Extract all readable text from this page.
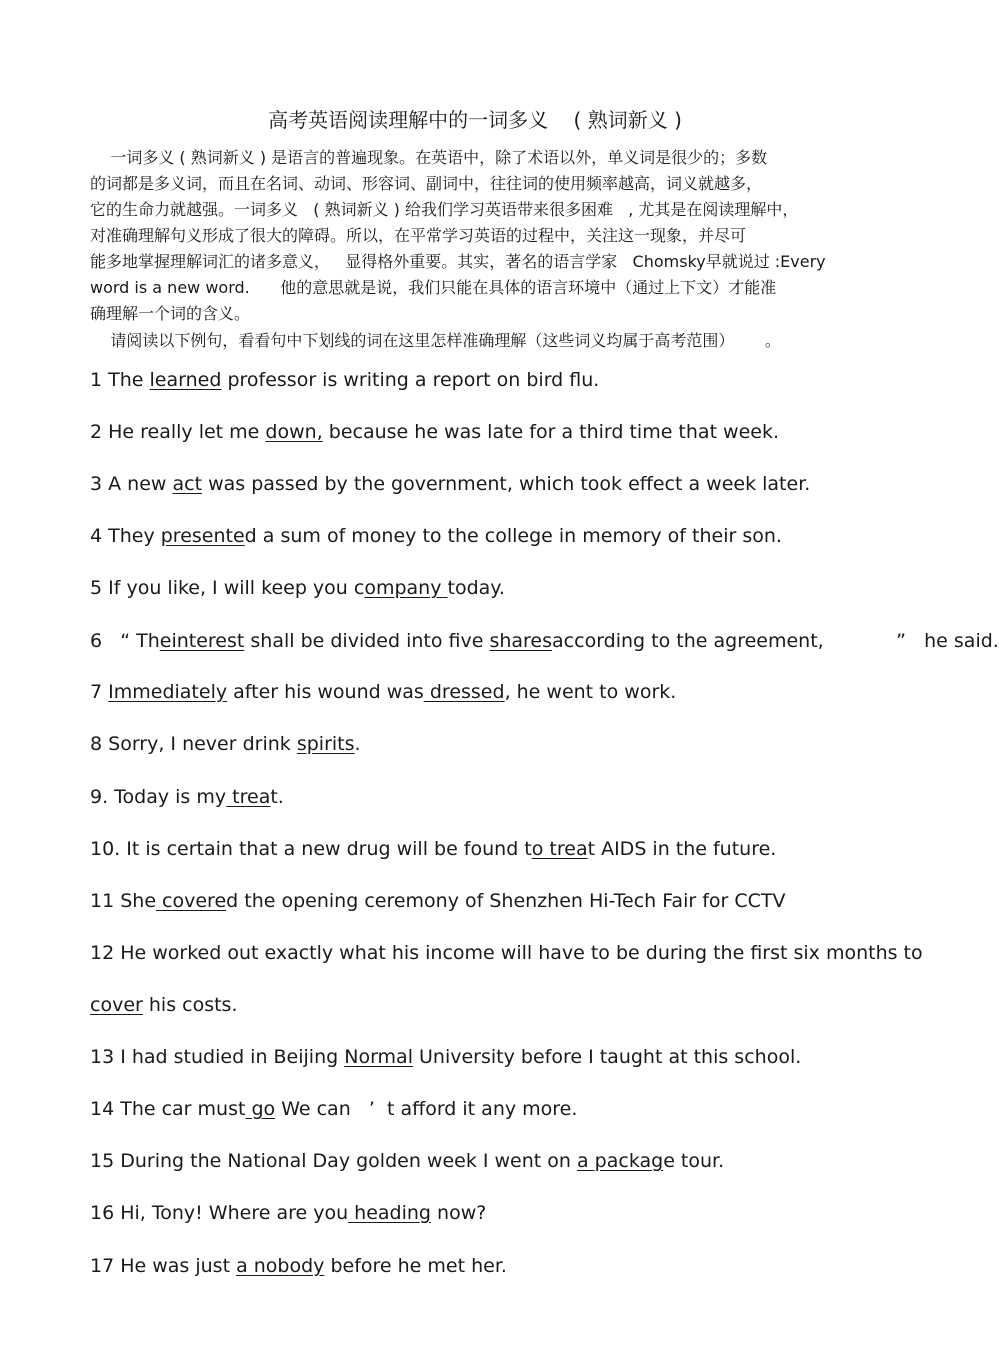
高考英语阅读理解中的一词多义    ( 熟词新义 )
一词多义 ( 熟词新义 ) 是语言的普遍现象。在英语中，除了术语以外，单义词是很少的；多数
的词都是多义词，而且在名词、动词、形容词、副词中，往往词的使用频率越高，词义就越多，
它的生命力就越强。一词多义   ( 熟词新义 ) 给我们学习英语带来很多困难   , 尤其是在阅读理解中，
对准确理解句义形成了很大的障碍。所以，在平常学习英语的过程中，关注这一现象，并尽可
能多地掌握理解词汇的诸多意义，   显得格外重要。其实，著名的语言学家   Chomsky早就说过 :Every
word is a new word.      他的意思就是说，我们只能在具体的语言环境中（通过上下文）才能准
确理解一个词的含义。
请阅读以下例句，看看句中下划线的词在这里怎样准确理解（这些词义均属于高考范围）      。
1 The learned professor is writing a report on bird flu.
2 He really let me down, because he was late for a third time that week.
3 A new act was passed by the government, which took effect a week later.
4 They presented a sum of money to the college in memory of their son.
5 If you like, I will keep you company today.
6   “ Theinterest shall be divided into five sharesaccording to the agreement,            ”   he said.
7 Immediately after his wound was dressed, he went to work.
8 Sorry, I never drink spirits.
9. Today is my treat.
10. It is certain that a new drug will be found to treat AIDS in the future.
11 She covered the opening ceremony of Shenzhen Hi-Tech Fair for CCTV
12 He worked out exactly what his income will have to be during the first six months to
cover his costs.
13 I had studied in Beijing Normal University before I taught at this school.
14 The car must go We can   ’  t afford it any more.
15 During the National Day golden week I went on a package tour.
16 Hi, Tony! Where are you heading now?
17 He was just a nobody before he met her.
